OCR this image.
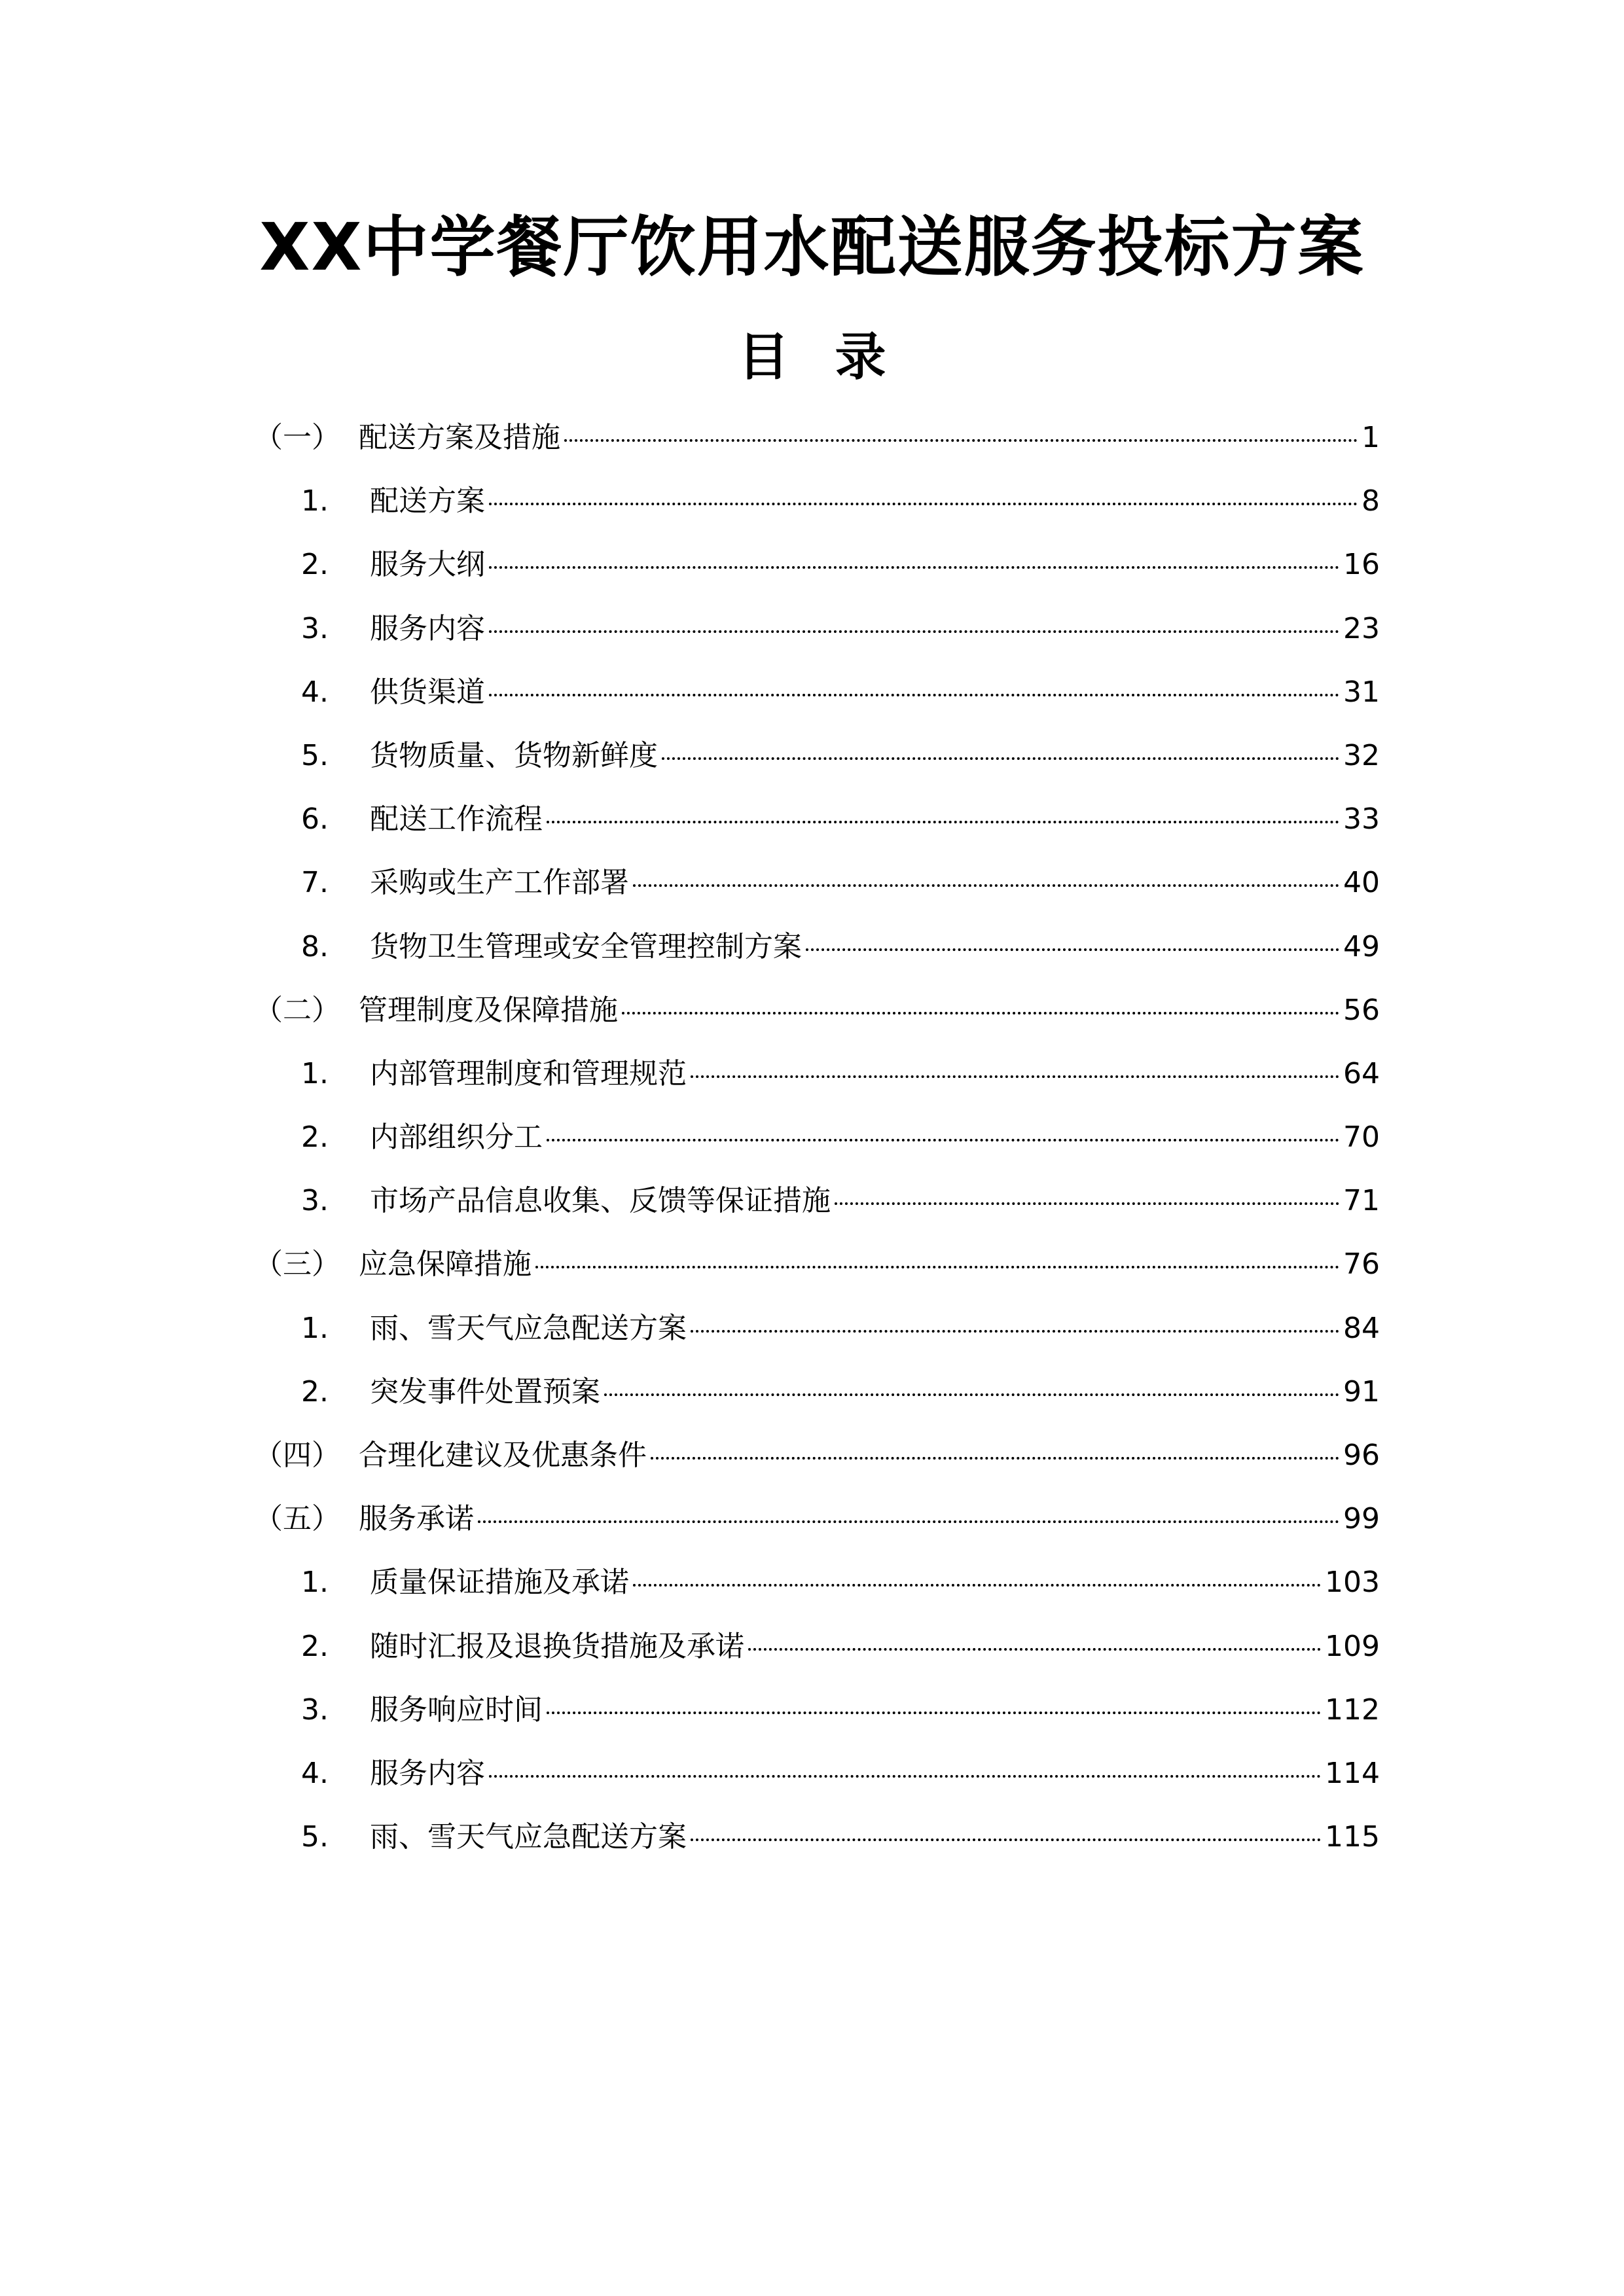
XX中学餐厅饮用水配送服务投标方案
目录
（一） 配送方案及措施	1
1.	配送方案	8
2.	服务大纲	16
3.	服务内容	23
4.	供货渠道	31
5.	货物质量、货物新鲜度	32
6.	配送工作流程	33
7.	采购或生产工作部署	40
8.	货物卫生管理或安全管理控制方案	49
（二） 管理制度及保障措施	56
1.	内部管理制度和管理规范	64
2.	内部组织分工	70
3.	市场产品信息收集、反馈等保证措施	71
（三） 应急保障措施	76
1.	雨、雪天气应急配送方案	84
2.	突发事件处置预案	91
（四） 合理化建议及优惠条件	96
（五） 服务承诺	99
1.	质量保证措施及承诺	103
2.	随时汇报及退换货措施及承诺	109
3.	服务响应时间	112
4.	服务内容	114
5.	雨、雪天气应急配送方案	115
